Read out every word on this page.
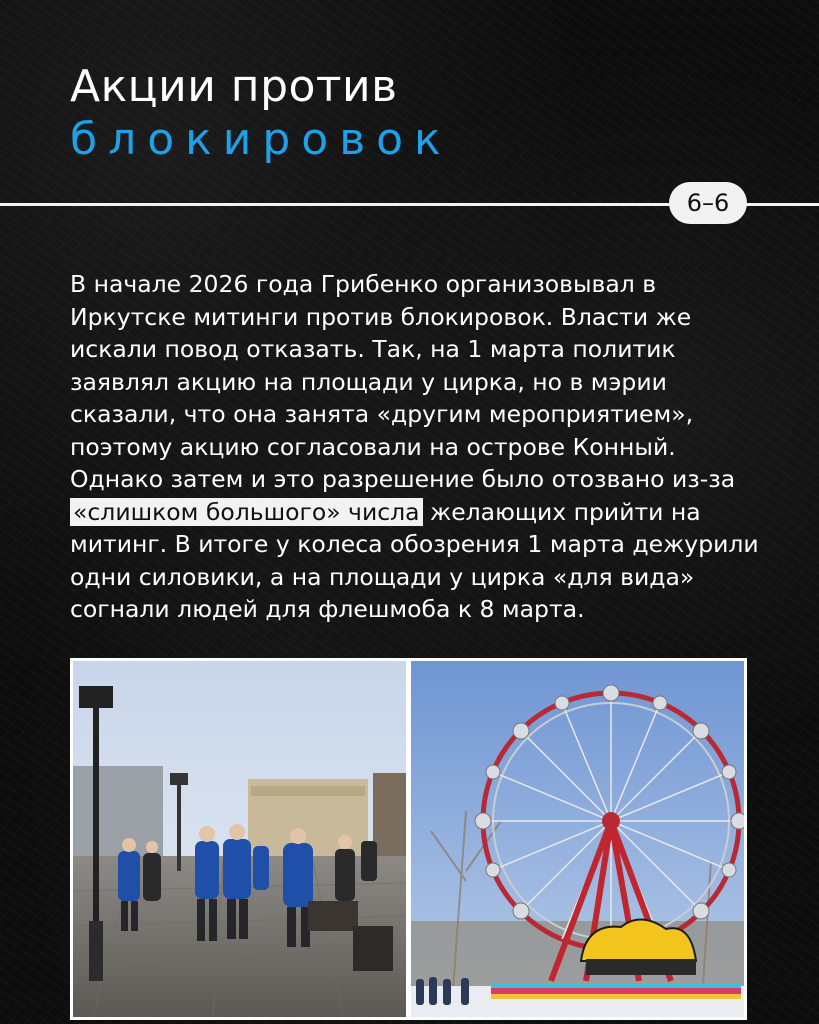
Акции против
блокировок
6–6

В начале 2026 года Грибенко организовывал в Иркутске митинги против блокировок. Власти же искали повод отказать. Так, на 1 марта политик заявлял акцию на площади у цирка, но в мэрии сказали, что она занята «другим мероприятием», поэтому акцию согласовали на острове Конный. Однако затем и это разрешение было отозвано из-за «слишком большого» числа желающих прийти на митинг. В итоге у колеса обозрения 1 марта дежурили одни силовики, а на площади у цирка «для вида» согнали людей для флешмоба к 8 марта.
